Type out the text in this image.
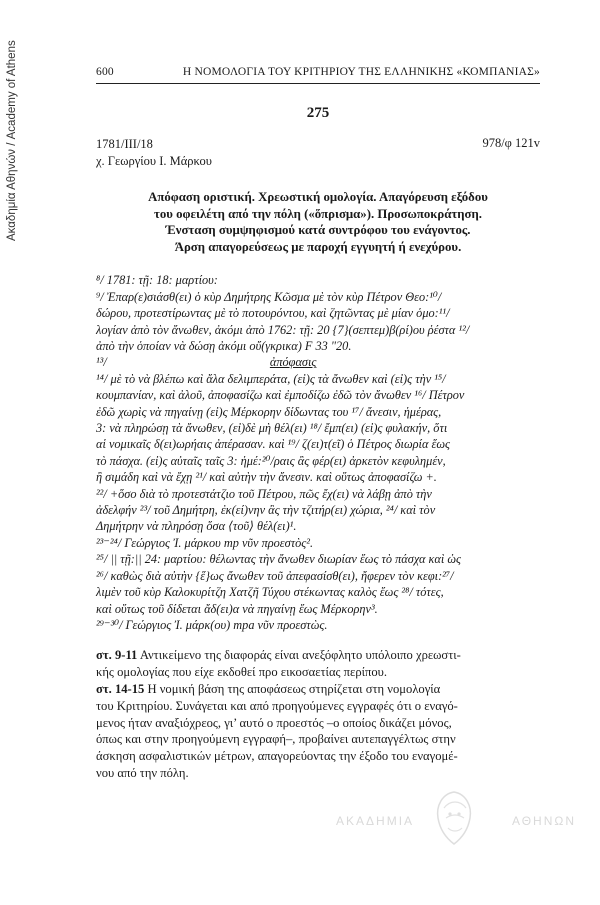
Ακαδημία Αθηνών / Academy of Athens	600	Η ΝΟΜΟΛΟΓΙΑ ΤΟΥ ΚΡΙΤΗΡΙΟΥ ΤΗΣ ΕΛΛΗΝΙΚΗΣ «ΚΟΜΠΑΝΙΑΣ»
275
1781/ΙΙΙ/18
χ. Γεωργίου Ι. Μάρκου
978/φ 121v
Απόφαση οριστική. Χρεωστική ομολογία. Απαγόρευση εξόδου
του οφειλέτη από την πόλη («ὅπρισμα»). Προσωποκράτηση.
Ένσταση συμψηφισμού κατά συντρόφου του ενάγοντος.
Άρση απαγορεύσεως με παροχή εγγυητή ή ενεχύρου.
⁸/ 1781: τῇ: 18: μαρτίου:
⁹/ Ἐπαρ(ε)σιάσθ(ει) ὁ κὺρ Δημήτρης Κῶσμα μὲ τὸν κὺρ Πέτρον Θεο:¹⁰/
δώρου, προτεστίρωντας μὲ τὸ ποτουρόντου, καὶ ζητῶντας μὲ μίαν ὁμο:¹¹/
λογίαν ἀπὸ τὸν ἄνωθεν, ἀκόμι ἀπὸ 1762: τῇ: 20 {7}(σεπτεμ)β(ρί)ου ῥέστα ¹²/
ἀπὸ τὴν ὁποίαν νὰ δώσῃ ἀκόμι οὔ(γκρικα) F 33 "20.
¹³/	ἀπόφασις
¹⁴/ μὲ τὸ νὰ βλέπω καὶ ἄλα δελιμπεράτα, (εἰ)ς τὰ ἄνωθεν καὶ (εἰ)ς τὴν ¹⁵/
κουμπανίαν, καὶ ἀλοῦ, ἀποφασίζω καὶ ἐμποδίζω ἐδῶ τὸν ἄνωθεν ¹⁶/ Πέτρον
ἐδῶ χωρὶς νὰ πηγαίνῃ (εἰ)ς Μέρκορην δίδωντας του ¹⁷/ ἄνεσιν, ἡμέρας,
3: νὰ πληρώσῃ τὰ ἄνωθεν, (εἰ)δὲ μὴ θέλ(ει) ¹⁸/ ἔμπ(ει) (εἰ)ς φυλακήν, ὅτι
αἱ νομικαῖς δ(ει)ωρήαις ἀπέρασαν. καὶ ¹⁹/ ζ(ει)τ(εῖ) ὁ Πέτρος διωρία ἕως
τὸ πάσχα. (εἰ)ς αὐταῖς ταῖς 3: ἡμέ:²⁰/ραις ἂς φέρ(ει) ἀρκετὸν κεφυλημέν,
ἢ σιμάδη καὶ νὰ ἔχῃ ²¹/ καὶ αὐτὴν τὴν ἄνεσιν. καὶ οὕτως ἀποφασίζω +.
²²/ +ὅσο διὰ τὸ προτεστάτζιο τοῦ Πέτρου, πῶς ἔχ(ει) νὰ λάβῃ ἀπὸ τὴν
ἀδελφήν ²³/ τοῦ Δημήτρη, ἐκ(εί)νην ἂς τὴν τζιτήρ(ει) χώρια, ²⁴/ καὶ τὸν
Δημήτρην νὰ πληρόσῃ ὅσα ⟨τοῦ⟩ θέλ(ει)¹.
²³⁻²⁴/ Γεώργιος Ἰ. μάρκου mp νῦν προεστὸς².
²⁵/ || τῇ:|| 24: μαρτίου: θέλωντας τὴν ἄνωθεν διωρίαν ἕως τὸ πάσχα καὶ ὡς
²⁶/ καθὼς διὰ αὐτὴν {ἕ}ως ἄνωθεν τοῦ ἀπεφασίσθ(ει), ἤφερεν τὸν κεφι:²⁷/
λιμὲν τοῦ κὺρ Καλοκυρίτζη Χατζῆ Τύχου στέκωντας καλὸς ἕως ²⁸/ τότες,
καὶ οὕτως τοῦ δίδεται ἄδ(ει)α νὰ πηγαίνῃ ἕως Μέρκορην³.
²⁹⁻³⁰/ Γεώργιος Ἰ. μάρκ(ου) mpa νῦν προεστὼς.
στ. 9-11 Αντικείμενο της διαφοράς είναι ανεξόφλητο υπόλοιπο χρεωστι-
κής ομολογίας που είχε εκδοθεί προ εικοσαετίας περίπου.
στ. 14-15 Η νομική βάση της αποφάσεως στηρίζεται στη νομολογία
του Κριτηρίου. Συνάγεται και από προηγούμενες εγγραφές ότι ο εναγό-
μενος ήταν αναξιόχρεος, γι’ αυτό ο προεστός –ο οποίος δικάζει μόνος,
όπως και στην προηγούμενη εγγραφή–, προβαίνει αυτεπαγγέλτως στην
άσκηση ασφαλιστικών μέτρων, απαγορεύοντας την έξοδο του εναγομέ-
νου από την πόλη.
ΑΚΑΔΗΜΙΑ	ΑΘΗΝΩΝ
